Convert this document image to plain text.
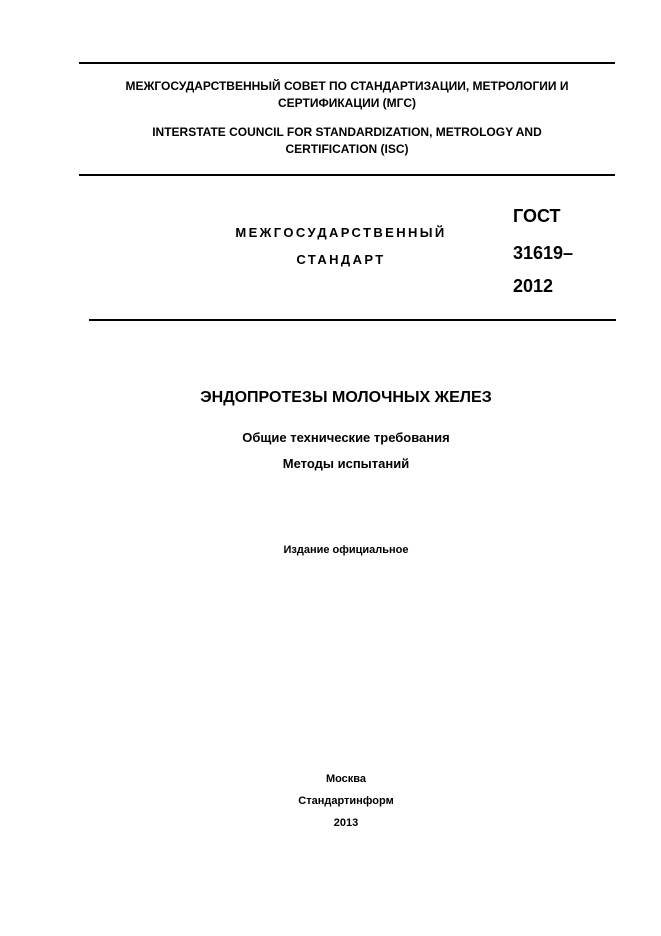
МЕЖГОСУДАРСТВЕННЫЙ СОВЕТ ПО СТАНДАРТИЗАЦИИ, МЕТРОЛОГИИ И
СЕРТИФИКАЦИИ (МГС)
INTERSTATE COUNCIL FOR STANDARDIZATION, METROLOGY AND
CERTIFICATION (ISC)
МЕЖГОСУДАРСТВЕННЫЙ
СТАНДАРТ
ГОСТ
31619–
2012
ЭНДОПРОТЕЗЫ МОЛОЧНЫХ ЖЕЛЕЗ
Общие технические требования
Методы испытаний
Издание официальное
Москва
Стандартинформ
2013
